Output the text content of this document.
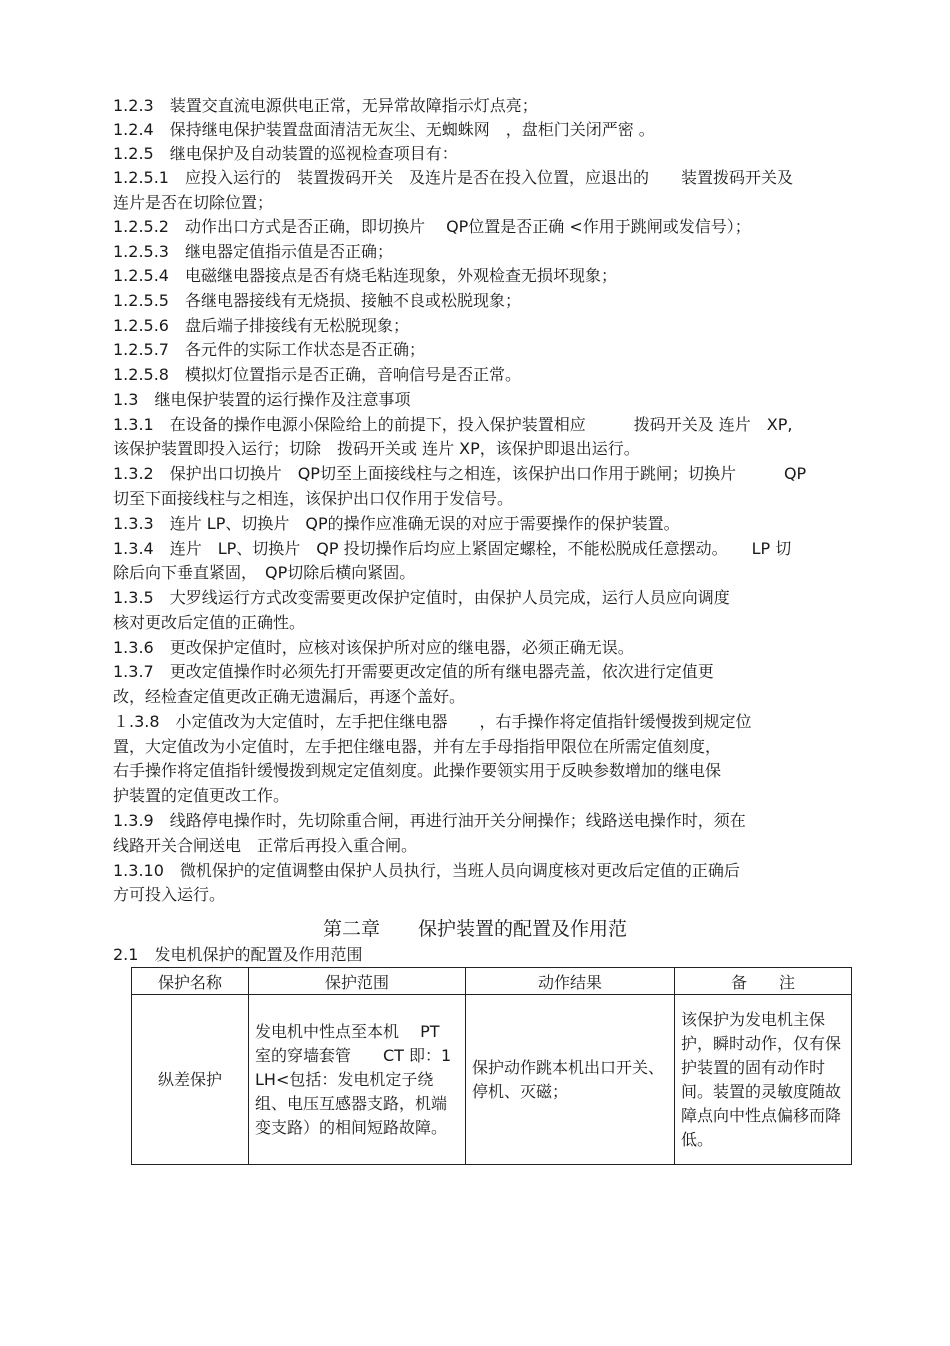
1.2.3　装置交直流电源供电正常，无异常故障指示灯点亮；
1.2.4　保持继电保护装置盘面清洁无灰尘、无蜘蛛网　，盘柜门关闭严密 。
1.2.5　继电保护及自动装置的巡视检查项目有：
1.2.5.1　应投入运行的　装置拨码开关　及连片是否在投入位置，应退出的　　装置拨码开关及
连片是否在切除位置；
1.2.5.2　动作出口方式是否正确，即切换片　 QP位置是否正确 <作用于跳闸或发信号）；
1.2.5.3　继电器定值指示值是否正确；
1.2.5.4　电磁继电器接点是否有烧毛粘连现象，外观检查无损坏现象；
1.2.5.5　各继电器接线有无烧损、接触不良或松脱现象；
1.2.5.6　盘后端子排接线有无松脱现象；
1.2.5.7　各元件的实际工作状态是否正确；
1.2.5.8　模拟灯位置指示是否正确，音响信号是否正常。
1.3　继电保护装置的运行操作及注意事项
1.3.1　在设备的操作电源小保险给上的前提下，投入保护装置相应　　　拨码开关及 连片　XP,
该保护装置即投入运行；切除　拨码开关或 连片 XP，该保护即退出运行。
1.3.2　保护出口切换片　QP切至上面接线柱与之相连，该保护出口作用于跳闸；切换片　　　QP
切至下面接线柱与之相连，该保护出口仅作用于发信号。
1.3.3　连片 LP、切换片　QP的操作应准确无误的对应于需要操作的保护装置。
1.3.4　连片　LP、切换片　QP 投切操作后均应上紧固定螺栓，不能松脱成任意摆动。　　LP 切
除后向下垂直紧固，　QP切除后横向紧固。
1.3.5　大罗线运行方式改变需要更改保护定值时，由保护人员完成，运行人员应向调度
核对更改后定值的正确性。
1.3.6　更改保护定值时，应核对该保护所对应的继电器，必须正确无误。
1.3.7　更改定值操作时必须先打开需要更改定值的所有继电器壳盖，依次进行定值更
改，经检查定值更改正确无遗漏后，再逐个盖好。
１.3.8　小定值改为大定值时，左手把住继电器　　，右手操作将定值指针缓慢拨到规定位
置，大定值改为小定值时，左手把住继电器，并有左手母指指甲限位在所需定值刻度，
右手操作将定值指针缓慢拨到规定定值刻度。此操作要领实用于反映参数增加的继电保
护装置的定值更改工作。
1.3.9　线路停电操作时，先切除重合闸，再进行油开关分闸操作；线路送电操作时，须在
线路开关合闸送电　正常后再投入重合闸。
1.3.10　微机保护的定值调整由保护人员执行，当班人员向调度核对更改后定值的正确后
方可投入运行。
第二章　　保护装置的配置及作用范
2.1　发电机保护的配置及作用范围
保护名称	保护范围	动作结果	备　　注
纵差保护	发电机中性点至本机　 PT 室的穿墙套管　　CT 即：1LH<包括：发电机定子绕组、电压互感器支路，机端变支路）的相间短路故障。	保护动作跳本机出口开关、停机、灭磁；	该保护为发电机主保护，瞬时动作，仅有保护装置的固有动作时间。装置的灵敏度随故障点向中性点偏移而降低。
